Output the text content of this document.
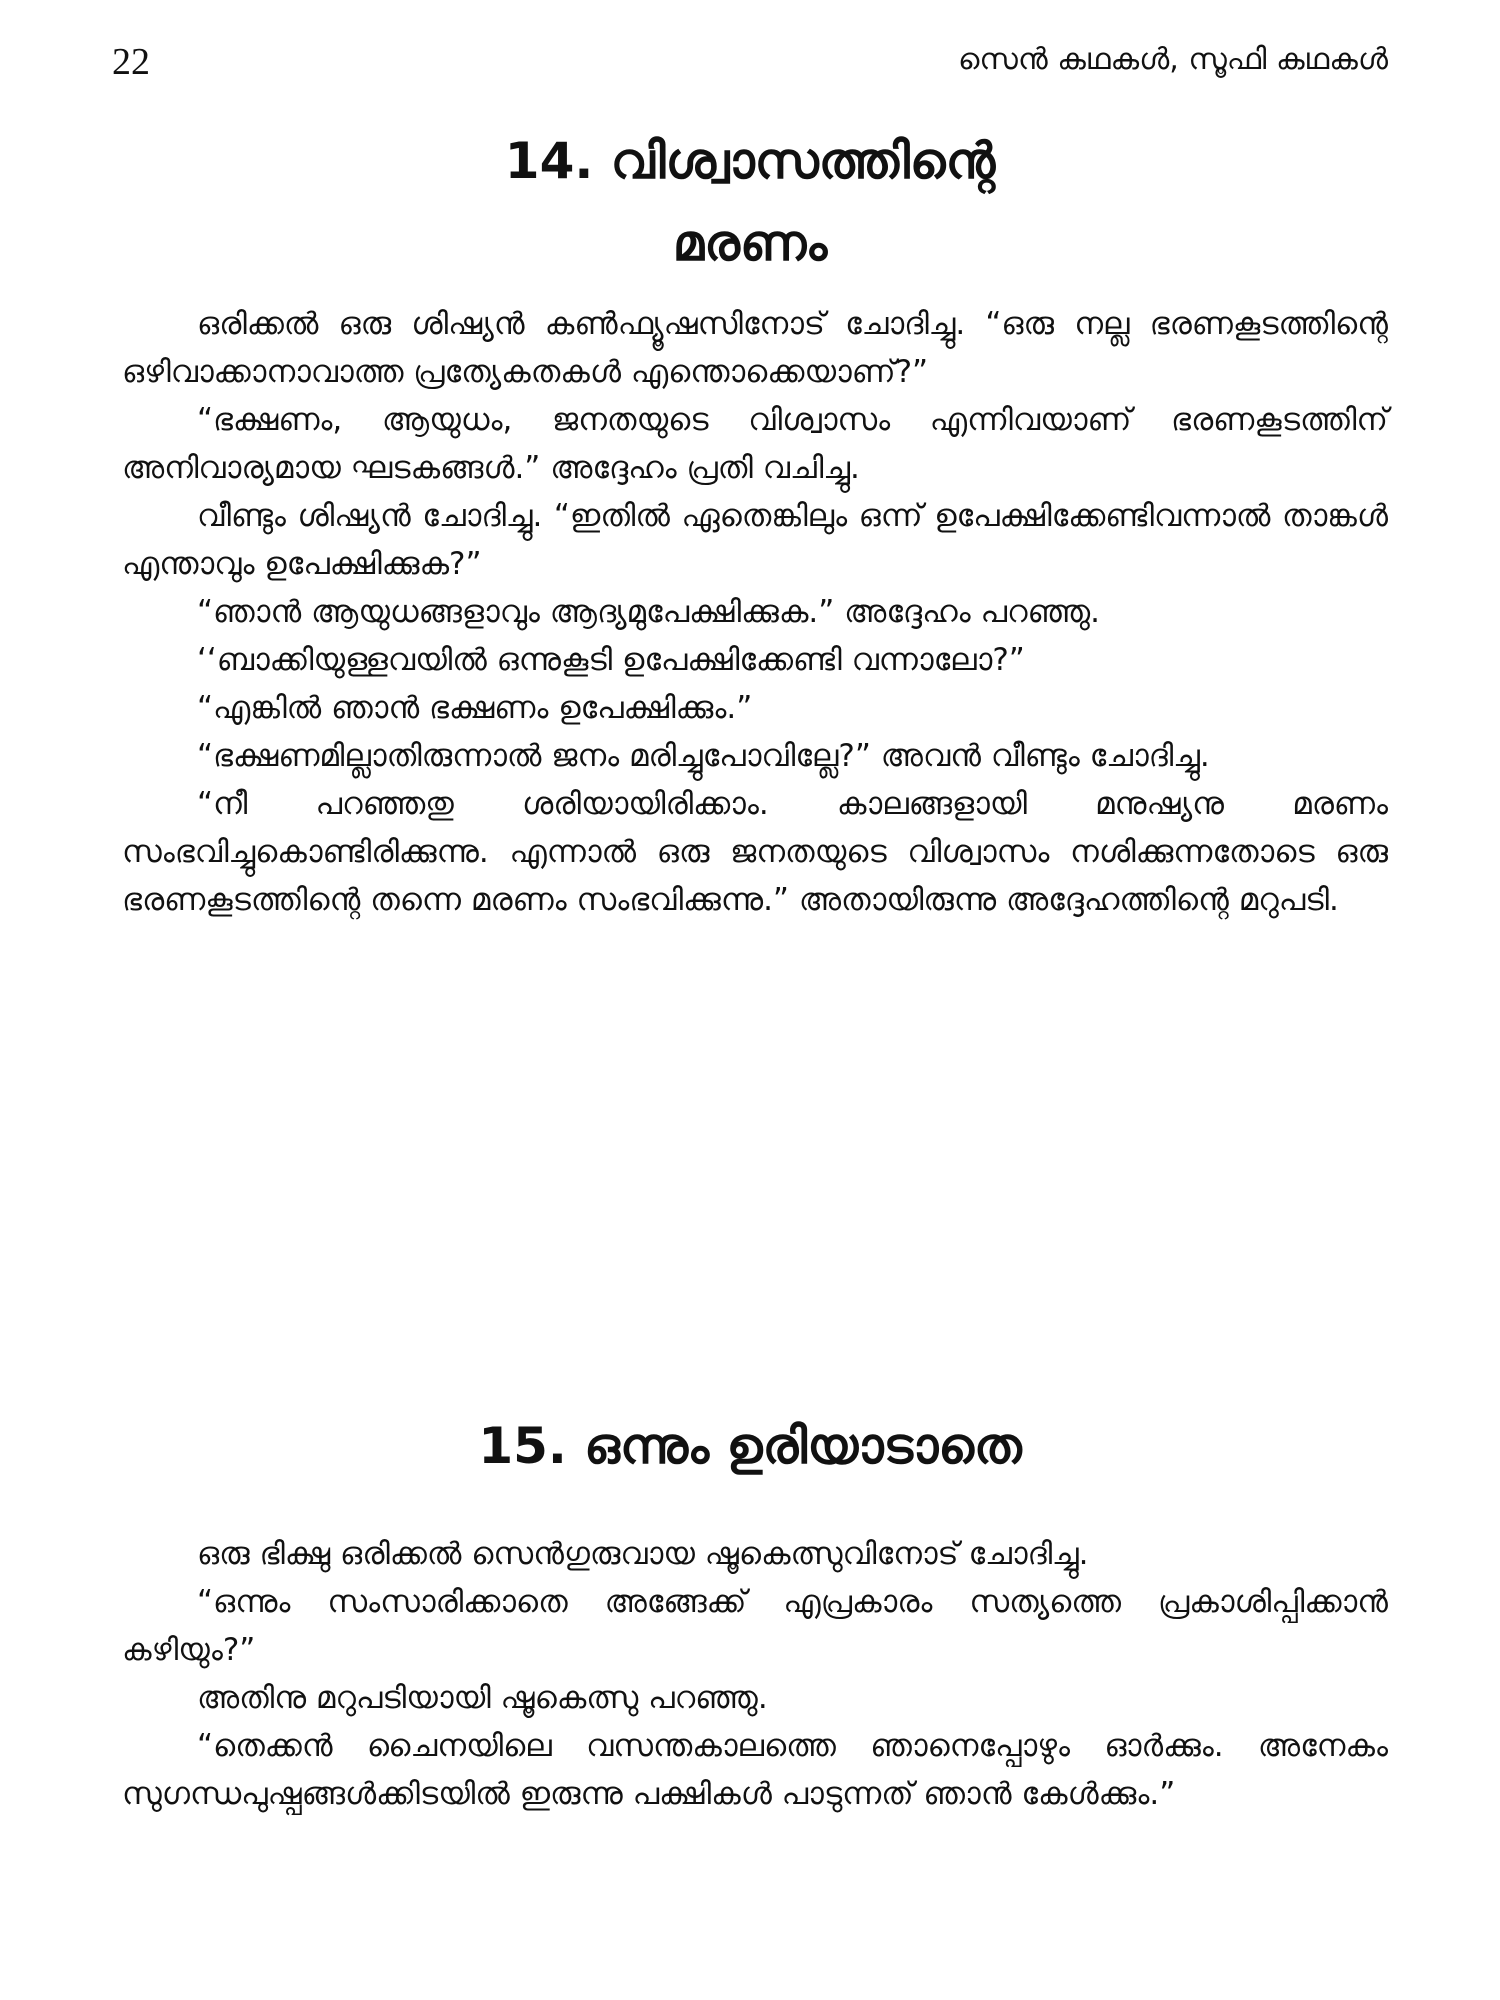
22	സെൻ കഥകൾ, സൂഫി കഥകൾ
14. വിശ്വാസത്തിന്റെ
മരണം

ഒരിക്കൽ ഒരു ശിഷ്യൻ കൺഫ്യൂഷസിനോട് ചോദിച്ചു. “ഒരു നല്ല ഭരണകൂടത്തിന്റെ ഒഴിവാക്കാനാവാത്ത പ്രത്യേകതകൾ എന്തൊക്കെയാണ്?”

“ഭക്ഷണം, ആയുധം, ജനതയുടെ വിശ്വാസം എന്നിവയാണ് ഭരണകൂടത്തിന് അനിവാര്യമായ ഘടകങ്ങൾ.” അദ്ദേഹം പ്രതി വചിച്ചു.

വീണ്ടും ശിഷ്യൻ ചോദിച്ചു. “ഇതിൽ ഏതെങ്കിലും ഒന്ന് ഉപേക്ഷിക്കേണ്ടിവന്നാൽ താങ്കൾ എന്താവും ഉപേക്ഷിക്കുക?”

“ഞാൻ ആയുധങ്ങളാവും ആദ്യമുപേക്ഷിക്കുക.” അദ്ദേഹം പറഞ്ഞു.

‘‘ബാക്കിയുള്ളവയിൽ ഒന്നുകൂടി ഉപേക്ഷിക്കേണ്ടി വന്നാലോ?”

“എങ്കിൽ ഞാൻ ഭക്ഷണം ഉപേക്ഷിക്കും.”

“ഭക്ഷണമില്ലാതിരുന്നാൽ ജനം മരിച്ചുപോവില്ലേ?” അവൻ വീണ്ടും ചോദിച്ചു.

“നീ പറഞ്ഞതു ശരിയായിരിക്കാം. കാലങ്ങളായി മനുഷ്യനു മരണം സംഭവിച്ചുകൊണ്ടിരിക്കുന്നു. എന്നാൽ ഒരു ജനതയുടെ വിശ്വാസം നശിക്കുന്നതോടെ ഒരു ഭരണകൂടത്തിന്റെ തന്നെ മരണം സംഭവിക്കുന്നു.” അതായിരുന്നു അദ്ദേഹത്തിന്റെ മറുപടി.

15. ഒന്നും ഉരിയാടാതെ

ഒരു ഭിക്ഷു ഒരിക്കൽ സെൻഗുരുവായ ഷൂകെത്സുവിനോട് ചോദിച്ചു.

“ഒന്നും സംസാരിക്കാതെ അങ്ങേക്ക് എപ്രകാരം സത്യത്തെ പ്രകാശിപ്പിക്കാൻ കഴിയും?”

അതിനു മറുപടിയായി ഷൂകെത്സു പറഞ്ഞു.

“തെക്കൻ ചൈനയിലെ വസന്തകാലത്തെ ഞാനെപ്പോഴും ഓർക്കും. അനേകം സുഗന്ധപുഷ്പങ്ങൾക്കിടയിൽ ഇരുന്നു പക്ഷികൾ പാടുന്നത് ഞാൻ കേൾക്കും.”
